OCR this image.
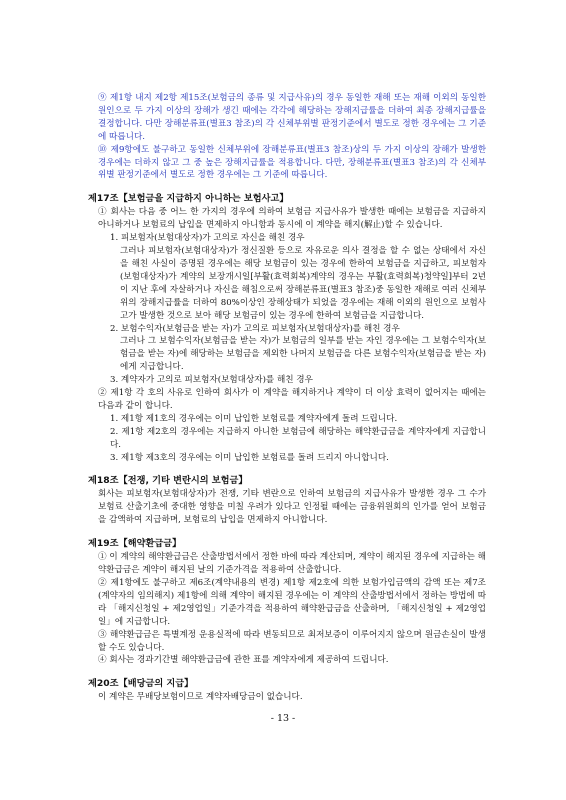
⑨ 제1항 내지 제2항 제15조(보험금의 종류 및 지급사유)의 경우 동일한 재해 또는 재해 이외의 동일한 원인으로 두 가지 이상의 장해가 생긴 때에는 각각에 해당하는 장해지급률을 더하여 최종 장해지급률을 결정합니다. 다만 장해분류표(별표3 참조)의 각 신체부위별 판정기준에서 별도로 정한 경우에는 그 기준에 따릅니다.

⑩ 제9항에도 불구하고 동일한 신체부위에 장해분류표(별표3 참조)상의 두 가지 이상의 장해가 발생한 경우에는 더하지 않고 그 중 높은 장해지급률을 적용합니다. 다만, 장해분류표(별표3 참조)의 각 신체부위별 판정기준에서 별도로 정한 경우에는 그 기준에 따릅니다.

제17조【보험금을 지급하지 아니하는 보험사고】

① 회사는 다음 중 어느 한 가지의 경우에 의하여 보험금 지급사유가 발생한 때에는 보험금을 지급하지 아니하거나 보험료의 납입을 면제하지 아니함과 동시에 이 계약을 해지(解止)할 수 있습니다.

1. 피보험자(보험대상자)가 고의로 자신을 해친 경우

그러나 피보험자(보험대상자)가 정신질환 등으로 자유로운 의사 결정을 할 수 없는 상태에서 자신을 해친 사실이 증명된 경우에는 해당 보험금이 있는 경우에 한하여 보험금을 지급하고, 피보험자(보험대상자)가 계약의 보장개시일[부활(효력회복)계약의 경우는 부활(효력회복)청약일]부터 2년이 지난 후에 자살하거나 자신을 해침으로써 장해분류표(별표3 참조)중 동일한 재해로 여러 신체부위의 장해지급률을 더하여 80%이상인 장해상태가 되었을 경우에는 재해 이외의 원인으로 보험사고가 발생한 것으로 보아 해당 보험금이 있는 경우에 한하여 보험금을 지급합니다.

2. 보험수익자(보험금을 받는 자)가 고의로 피보험자(보험대상자)를 해친 경우

그러나 그 보험수익자(보험금을 받는 자)가 보험금의 일부를 받는 자인 경우에는 그 보험수익자(보험금을 받는 자)에 해당하는 보험금을 제외한 나머지 보험금을 다른 보험수익자(보험금을 받는 자)에게 지급합니다.

3. 계약자가 고의로 피보험자(보험대상자)를 해친 경우

② 제1항 각 호의 사유로 인하여 회사가 이 계약을 해지하거나 계약이 더 이상 효력이 없어지는 때에는 다음과 같이 합니다.

1. 제1항 제1호의 경우에는 이미 납입한 보험료를 계약자에게 돌려 드립니다.

2. 제1항 제2호의 경우에는 지급하지 아니한 보험금에 해당하는 해약환급금을 계약자에게 지급합니다.

3. 제1항 제3호의 경우에는 이미 납입한 보험료를 돌려 드리지 아니합니다.

제18조【전쟁, 기타 변란시의 보험금】

회사는 피보험자(보험대상자)가 전쟁, 기타 변란으로 인하여 보험금의 지급사유가 발생한 경우 그 수가 보험료 산출기초에 중대한 영향을 미칠 우려가 있다고 인정될 때에는 금융위원회의 인가를 얻어 보험금을 감액하여 지급하며, 보험료의 납입을 면제하지 아니합니다.

제19조【해약환급금】

① 이 계약의 해약환급금은 산출방법서에서 정한 바에 따라 계산되며, 계약이 해지된 경우에 지급하는 해약환급금은 계약이 해지된 날의 기준가격을 적용하여 산출합니다.

② 제1항에도 불구하고 제6조(계약내용의 변경) 제1항 제2호에 의한 보험가입금액의 감액 또는 제7조(계약자의 임의해지) 제1항에 의해 계약이 해지된 경우에는 이 계약의 산출방법서에서 정하는 방법에 따라 「해지신청일 + 제2영업일」기준가격을 적용하여 해약환급금을 산출하며, 「해지신청일 + 제2영업일」에 지급합니다.

③ 해약환급금은 특별계정 운용실적에 따라 변동되므로 최저보증이 이루어지지 않으며 원금손실이 발생할 수도 있습니다.

④ 회사는 경과기간별 해약환급금에 관한 표를 계약자에게 제공하여 드립니다.

제20조【배당금의 지급】

이 계약은 무배당보험이므로 계약자배당금이 없습니다.

- 13 -
